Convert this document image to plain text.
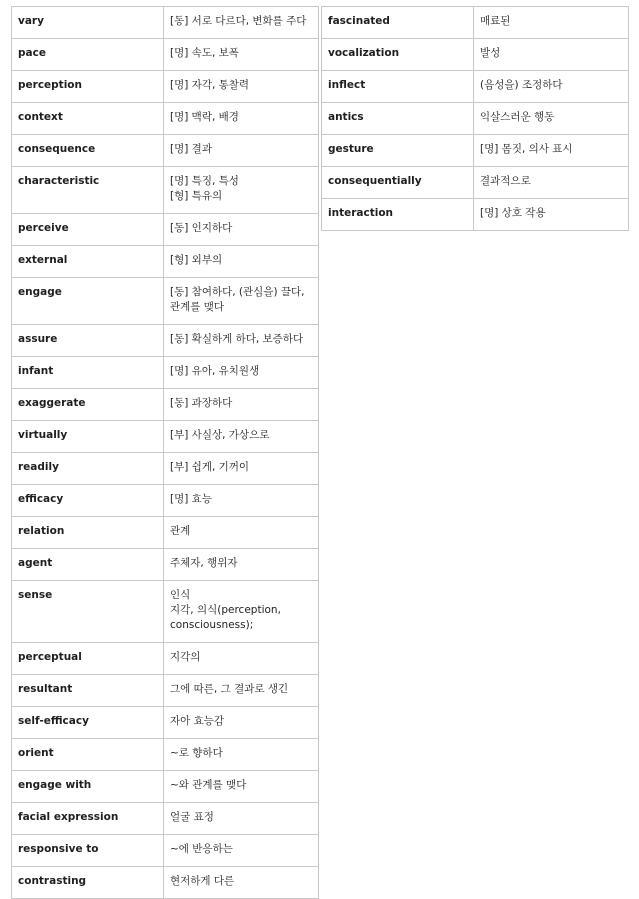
vary	[동] 서로 다르다, 변화를 주다
pace	[명] 속도, 보폭
perception	[명] 자각, 통찰력
context	[명] 맥락, 배경
consequence	[명] 결과
characteristic	[명] 특징, 특성
[형] 특유의
perceive	[동] 인지하다
external	[형] 외부의
engage	[동] 참여하다, (관심을) 끌다, 관계를 맺다
assure	[동] 확실하게 하다, 보증하다
infant	[명] 유아, 유치원생
exaggerate	[동] 과장하다
virtually	[부] 사실상, 가상으로
readily	[부] 쉽게, 기꺼이
efficacy	[명] 효능
relation	관계
agent	주체자, 행위자
sense	인식
지각, 의식(perception, consciousness);
perceptual	지각의
resultant	그에 따른, 그 결과로 생긴
self-efficacy	자아 효능감
orient	~로 향하다
engage with	~와 관계를 맺다
facial expression	얼굴 표정
responsive to	~에 반응하는
contrasting	현저하게 다른
fascinated	매료된
vocalization	발성
inflect	(음성을) 조정하다
antics	익살스러운 행동
gesture	[명] 몸짓, 의사 표시
consequentially	결과적으로
interaction	[명] 상호 작용
